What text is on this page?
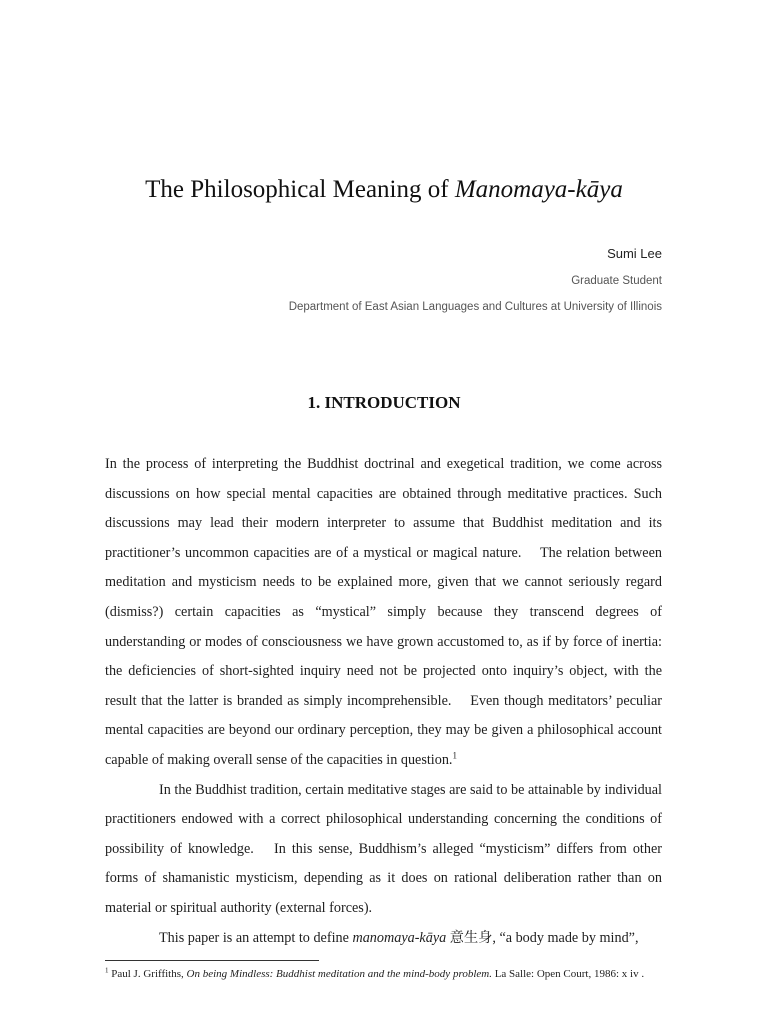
The Philosophical Meaning of Manomaya-kāya
Sumi Lee
Graduate Student
Department of East Asian Languages and Cultures at University of Illinois
1. INTRODUCTION

In the process of interpreting the Buddhist doctrinal and exegetical tradition, we come across discussions on how special mental capacities are obtained through meditative practices. Such discussions may lead their modern interpreter to assume that Buddhist meditation and its practitioner’s uncommon capacities are of a mystical or magical nature.  The relation between meditation and mysticism needs to be explained more, given that we cannot seriously regard (dismiss?) certain capacities as “mystical” simply because they transcend degrees of understanding or modes of consciousness we have grown accustomed to, as if by force of inertia: the deficiencies of short-sighted inquiry need not be projected onto inquiry’s object, with the result that the latter is branded as simply incomprehensible.  Even though meditators’ peculiar mental capacities are beyond our ordinary perception, they may be given a philosophical account capable of making overall sense of the capacities in question.$^1$

In the Buddhist tradition, certain meditative stages are said to be attainable by individual practitioners endowed with a correct philosophical understanding concerning the conditions of possibility of knowledge.  In this sense, Buddhism’s alleged “mysticism” differs from other forms of shamanistic mysticism, depending as it does on rational deliberation rather than on material or spiritual authority (external forces).

This paper is an attempt to define manomaya-kāya 意生身, “a body made by mind”,

$^1$ Paul J. Griffiths, On being Mindless: Buddhist meditation and the mind-body problem. La Salle: Open Court, 1986: x iv .
